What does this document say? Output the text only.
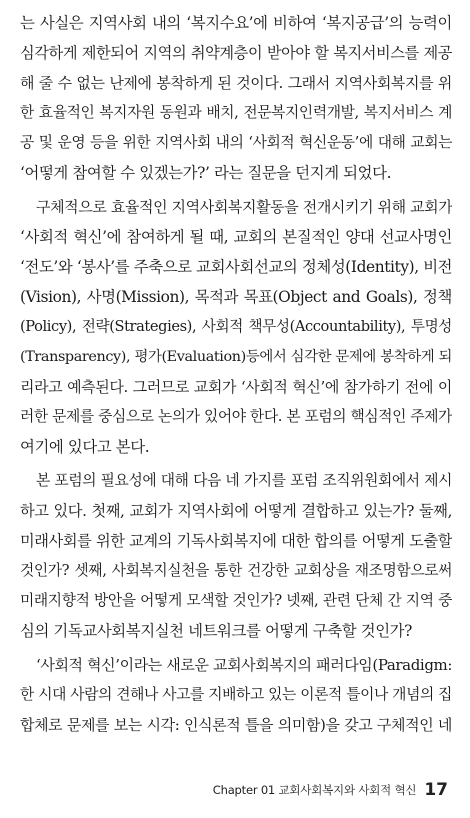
는 사실은 지역사회 내의 ‘복지수요’에 비하여 ‘복지공급’의 능력이
심각하게 제한되어 지역의 취약계층이 받아야 할 복지서비스를 제공
해 줄 수 없는 난제에 봉착하게 된 것이다. 그래서 지역사회복지를 위
한 효율적인 복지자원 동원과 배치, 전문복지인력개발, 복지서비스 계
공 및 운영 등을 위한 지역사회 내의 ‘사회적 혁신운동’에 대해 교회는
‘어떻게 참여할 수 있겠는가?’ 라는 질문을 던지게 되었다.
구체적으로 효율적인 지역사회복지활동을 전개시키기 위해 교회가
‘사회적 혁신’에 참여하게 될 때, 교회의 본질적인 양대 선교사명인
‘전도’와 ‘봉사’를 주축으로 교회사회선교의 정체성(Identity), 비전
(Vision), 사명(Mission), 목적과 목표(Object and Goals), 정책
(Policy), 전략(Strategies), 사회적 책무성(Accountability), 투명성
(Transparency), 평가(Evaluation)등에서 심각한 문제에 봉착하게 되
리라고 예측된다. 그러므로 교회가 ‘사회적 혁신’에 참가하기 전에 이
러한 문제를 중심으로 논의가 있어야 한다. 본 포럼의 핵심적인 주제가
여기에 있다고 본다.
본 포럼의 필요성에 대해 다음 네 가지를 포럼 조직위원회에서 제시
하고 있다. 첫째, 교회가 지역사회에 어떻게 결합하고 있는가? 둘째,
미래사회를 위한 교계의 기독사회복지에 대한 합의를 어떻게 도출할
것인가? 셋째, 사회복지실천을 통한 건강한 교회상을 재조명함으로써
미래지향적 방안을 어떻게 모색할 것인가? 넷째, 관련 단체 간 지역 중
심의 기독교사회복지실천 네트워크를 어떻게 구축할 것인가?
‘사회적 혁신’이라는 새로운 교회사회복지의 패러다임(Paradigm:
한 시대 사람의 견해나 사고를 지배하고 있는 이론적 틀이나 개념의 집
합체로 문제를 보는 시각: 인식론적 틀을 의미함)을 갖고 구체적인 네
Chapter 01 교회사회복지와 사회적 혁신 17
